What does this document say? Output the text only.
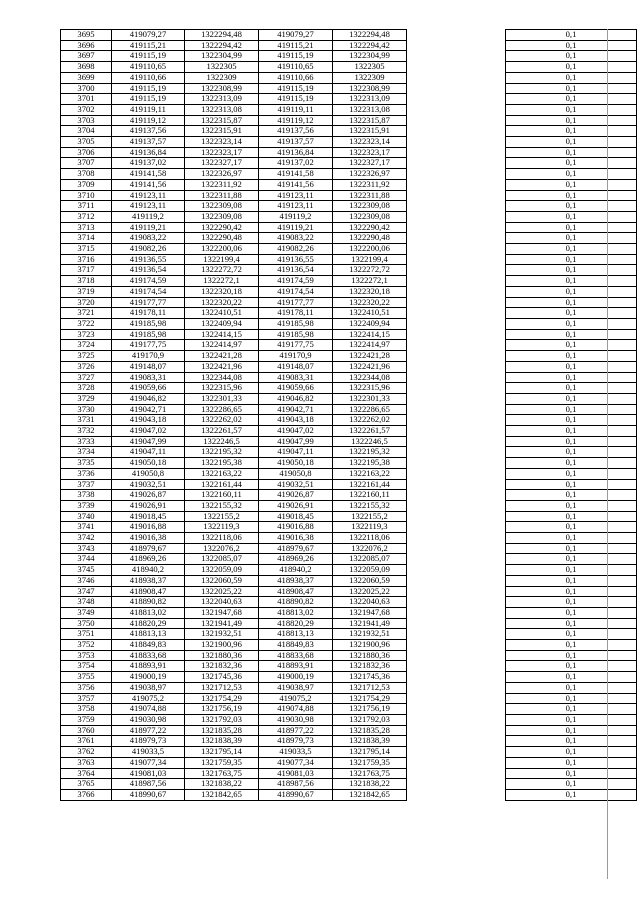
3695	419079,27	1322294,48	419079,27	1322294,48		0,1
3696	419115,21	1322294,42	419115,21	1322294,42		0,1
3697	419115,19	1322304,99	419115,19	1322304,99		0,1
3698	419110,65	1322305	419110,65	1322305		0,1
3699	419110,66	1322309	419110,66	1322309		0,1
3700	419115,19	1322308,99	419115,19	1322308,99		0,1
3701	419115,19	1322313,09	419115,19	1322313,09		0,1
3702	419119,11	1322313,08	419119,11	1322313,08		0,1
3703	419119,12	1322315,87	419119,12	1322315,87		0,1
3704	419137,56	1322315,91	419137,56	1322315,91		0,1
3705	419137,57	1322323,14	419137,57	1322323,14		0,1
3706	419136,84	1322323,17	419136,84	1322323,17		0,1
3707	419137,02	1322327,17	419137,02	1322327,17		0,1
3708	419141,58	1322326,97	419141,58	1322326,97		0,1
3709	419141,56	1322311,92	419141,56	1322311,92		0,1
3710	419123,11	1322311,88	419123,11	1322311,88		0,1
3711	419123,11	1322309,08	419123,11	1322309,08		0,1
3712	419119,2	1322309,08	419119,2	1322309,08		0,1
3713	419119,21	1322290,42	419119,21	1322290,42		0,1
3714	419083,22	1322290,48	419083,22	1322290,48		0,1
3715	419082,26	1322200,06	419082,26	1322200,06		0,1
3716	419136,55	1322199,4	419136,55	1322199,4		0,1
3717	419136,54	1322272,72	419136,54	1322272,72		0,1
3718	419174,59	1322272,1	419174,59	1322272,1		0,1
3719	419174,54	1322320,18	419174,54	1322320,18		0,1
3720	419177,77	1322320,22	419177,77	1322320,22		0,1
3721	419178,11	1322410,51	419178,11	1322410,51		0,1
3722	419185,98	1322409,94	419185,98	1322409,94		0,1
3723	419185,98	1322414,15	419185,98	1322414,15		0,1
3724	419177,75	1322414,97	419177,75	1322414,97		0,1
3725	419170,9	1322421,28	419170,9	1322421,28		0,1
3726	419148,07	1322421,96	419148,07	1322421,96		0,1
3727	419083,31	1322344,08	419083,31	1322344,08		0,1
3728	419059,66	1322315,96	419059,66	1322315,96		0,1
3729	419046,82	1322301,33	419046,82	1322301,33		0,1
3730	419042,71	1322286,65	419042,71	1322286,65		0,1
3731	419043,18	1322262,02	419043,18	1322262,02		0,1
3732	419047,02	1322261,57	419047,02	1322261,57		0,1
3733	419047,99	1322246,5	419047,99	1322246,5		0,1
3734	419047,11	1322195,32	419047,11	1322195,32		0,1
3735	419050,18	1322195,38	419050,18	1322195,38		0,1
3736	419050,8	1322163,22	419050,8	1322163,22		0,1
3737	419032,51	1322161,44	419032,51	1322161,44		0,1
3738	419026,87	1322160,11	419026,87	1322160,11		0,1
3739	419026,91	1322155,32	419026,91	1322155,32		0,1
3740	419018,45	1322155,2	419018,45	1322155,2		0,1
3741	419016,88	1322119,3	419016,88	1322119,3		0,1
3742	419016,38	1322118,06	419016,38	1322118,06		0,1
3743	418979,67	1322076,2	418979,67	1322076,2		0,1
3744	418969,26	1322085,07	418969,26	1322085,07		0,1
3745	418940,2	1322059,09	418940,2	1322059,09		0,1
3746	418938,37	1322060,59	418938,37	1322060,59		0,1
3747	418908,47	1322025,22	418908,47	1322025,22		0,1
3748	418890,82	1322040,63	418890,82	1322040,63		0,1
3749	418813,02	1321947,68	418813,02	1321947,68		0,1
3750	418820,29	1321941,49	418820,29	1321941,49		0,1
3751	418813,13	1321932,51	418813,13	1321932,51		0,1
3752	418849,83	1321900,96	418849,83	1321900,96		0,1
3753	418833,68	1321880,36	418833,68	1321880,36		0,1
3754	418893,91	1321832,36	418893,91	1321832,36		0,1
3755	419000,19	1321745,36	419000,19	1321745,36		0,1
3756	419038,97	1321712,53	419038,97	1321712,53		0,1
3757	419075,2	1321754,29	419075,2	1321754,29		0,1
3758	419074,88	1321756,19	419074,88	1321756,19		0,1
3759	419030,98	1321792,03	419030,98	1321792,03		0,1
3760	418977,22	1321835,28	418977,22	1321835,28		0,1
3761	418979,73	1321838,39	418979,73	1321838,39		0,1
3762	419033,5	1321795,14	419033,5	1321795,14		0,1
3763	419077,34	1321759,35	419077,34	1321759,35		0,1
3764	419081,03	1321763,75	419081,03	1321763,75		0,1
3765	418987,56	1321838,22	418987,56	1321838,22		0,1
3766	418990,67	1321842,65	418990,67	1321842,65		0,1
